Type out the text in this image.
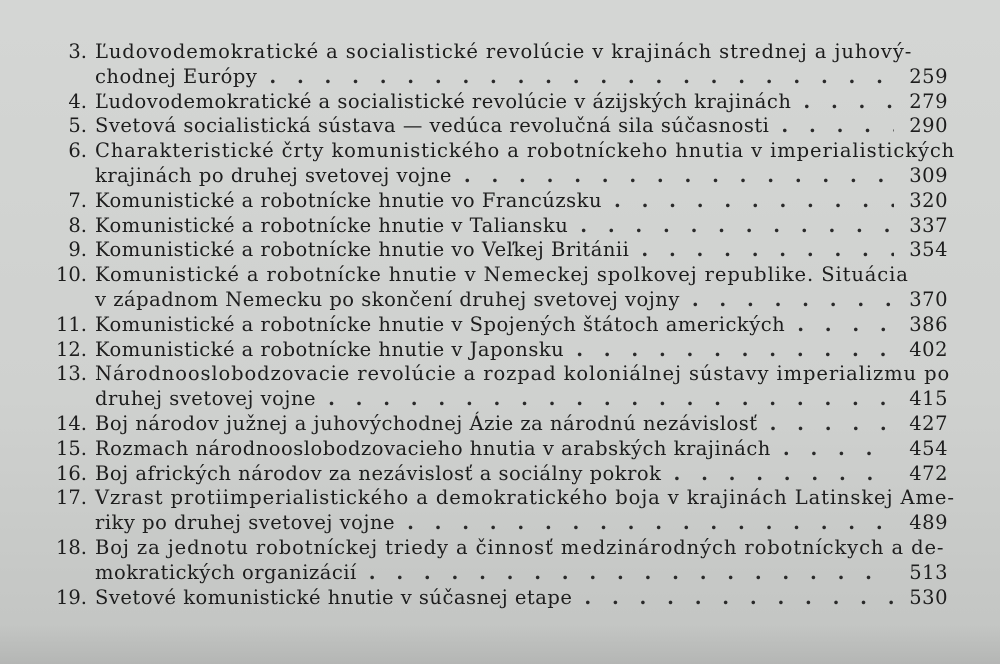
3. Ľudovodemokratické a socialistické revolúcie v krajinách strednej a juhový-
chodnej Európy . . .	259
4. Ľudovodemokratické a socialistické revolúcie v ázijských krajinách . . .	279
5. Svetová socialistická sústava — vedúca revolučná sila súčasnosti . . .	290
6. Charakteristické črty komunistického a robotníckeho hnutia v imperialistických
krajinách po druhej svetovej vojne . . .	309
7. Komunistické a robotnícke hnutie vo Francúzsku . . .	320
8. Komunistické a robotnícke hnutie v Taliansku . . .	337
9. Komunistické a robotnícke hnutie vo Veľkej Británii . . .	354
10. Komunistické a robotnícke hnutie v Nemeckej spolkovej republike. Situácia
v západnom Nemecku po skončení druhej svetovej vojny . . .	370
11. Komunistické a robotnícke hnutie v Spojených štátoch amerických . . .	386
12. Komunistické a robotnícke hnutie v Japonsku . . .	402
13. Národnooslobodzovacie revolúcie a rozpad koloniálnej sústavy imperializmu po
druhej svetovej vojne . . .	415
14. Boj národov južnej a juhovýchodnej Ázie za národnú nezávislosť . . .	427
15. Rozmach národnooslobodzovacieho hnutia v arabských krajinách . . .	454
16. Boj afrických národov za nezávislosť a sociálny pokrok . . .	472
17. Vzrast protiimperialistického a demokratického boja v krajinách Latinskej Ame-
riky po druhej svetovej vojne . . .	489
18. Boj za jednotu robotníckej triedy a činnosť medzinárodných robotníckych a de-
mokratických organizácií . . .	513
19. Svetové komunistické hnutie v súčasnej etape . . .	530
